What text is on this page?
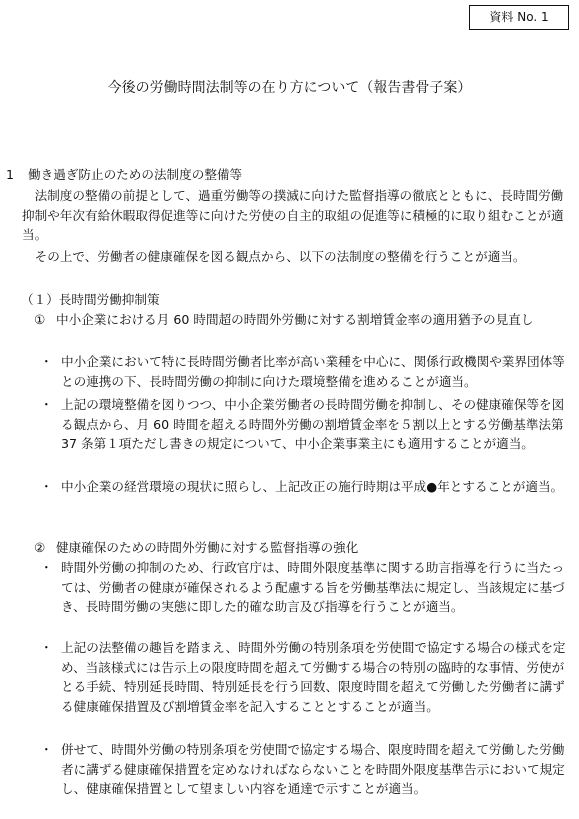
資料 No. 1
今後の労働時間法制等の在り方について（報告書骨子案）
1 働き過ぎ防止のための法制度の整備等
　法制度の整備の前提として、過重労働等の撲滅に向けた監督指導の徹底とともに、長時間労働抑制や年次有給休暇取得促進等に向けた労使の自主的取組の促進等に積極的に取り組むことが適当。
　その上で、労働者の健康確保を図る観点から、以下の法制度の整備を行うことが適当。
（１）長時間労働抑制策
① 中小企業における月 60 時間超の時間外労働に対する割増賃金率の適用猶予の見直し
・ 中小企業において特に長時間労働者比率が高い業種を中心に、関係行政機関や業界団体等との連携の下、長時間労働の抑制に向けた環境整備を進めることが適当。
・ 上記の環境整備を図りつつ、中小企業労働者の長時間労働を抑制し、その健康確保等を図る観点から、月 60 時間を超える時間外労働の割増賃金率を５割以上とする労働基準法第 37 条第１項ただし書きの規定について、中小企業事業主にも適用することが適当。
・ 中小企業の経営環境の現状に照らし、上記改正の施行時期は平成●年とすることが適当。
② 健康確保のための時間外労働に対する監督指導の強化
・ 時間外労働の抑制のため、行政官庁は、時間外限度基準に関する助言指導を行うに当たっては、労働者の健康が確保されるよう配慮する旨を労働基準法に規定し、当該規定に基づき、長時間労働の実態に即した的確な助言及び指導を行うことが適当。
・ 上記の法整備の趣旨を踏まえ、時間外労働の特別条項を労使間で協定する場合の様式を定め、当該様式には告示上の限度時間を超えて労働する場合の特別の臨時的な事情、労使がとる手続、特別延長時間、特別延長を行う回数、限度時間を超えて労働した労働者に講ずる健康確保措置及び割増賃金率を記入することとすることが適当。
・ 併せて、時間外労働の特別条項を労使間で協定する場合、限度時間を超えて労働した労働者に講ずる健康確保措置を定めなければならないことを時間外限度基準告示において規定し、健康確保措置として望ましい内容を通達で示すことが適当。
